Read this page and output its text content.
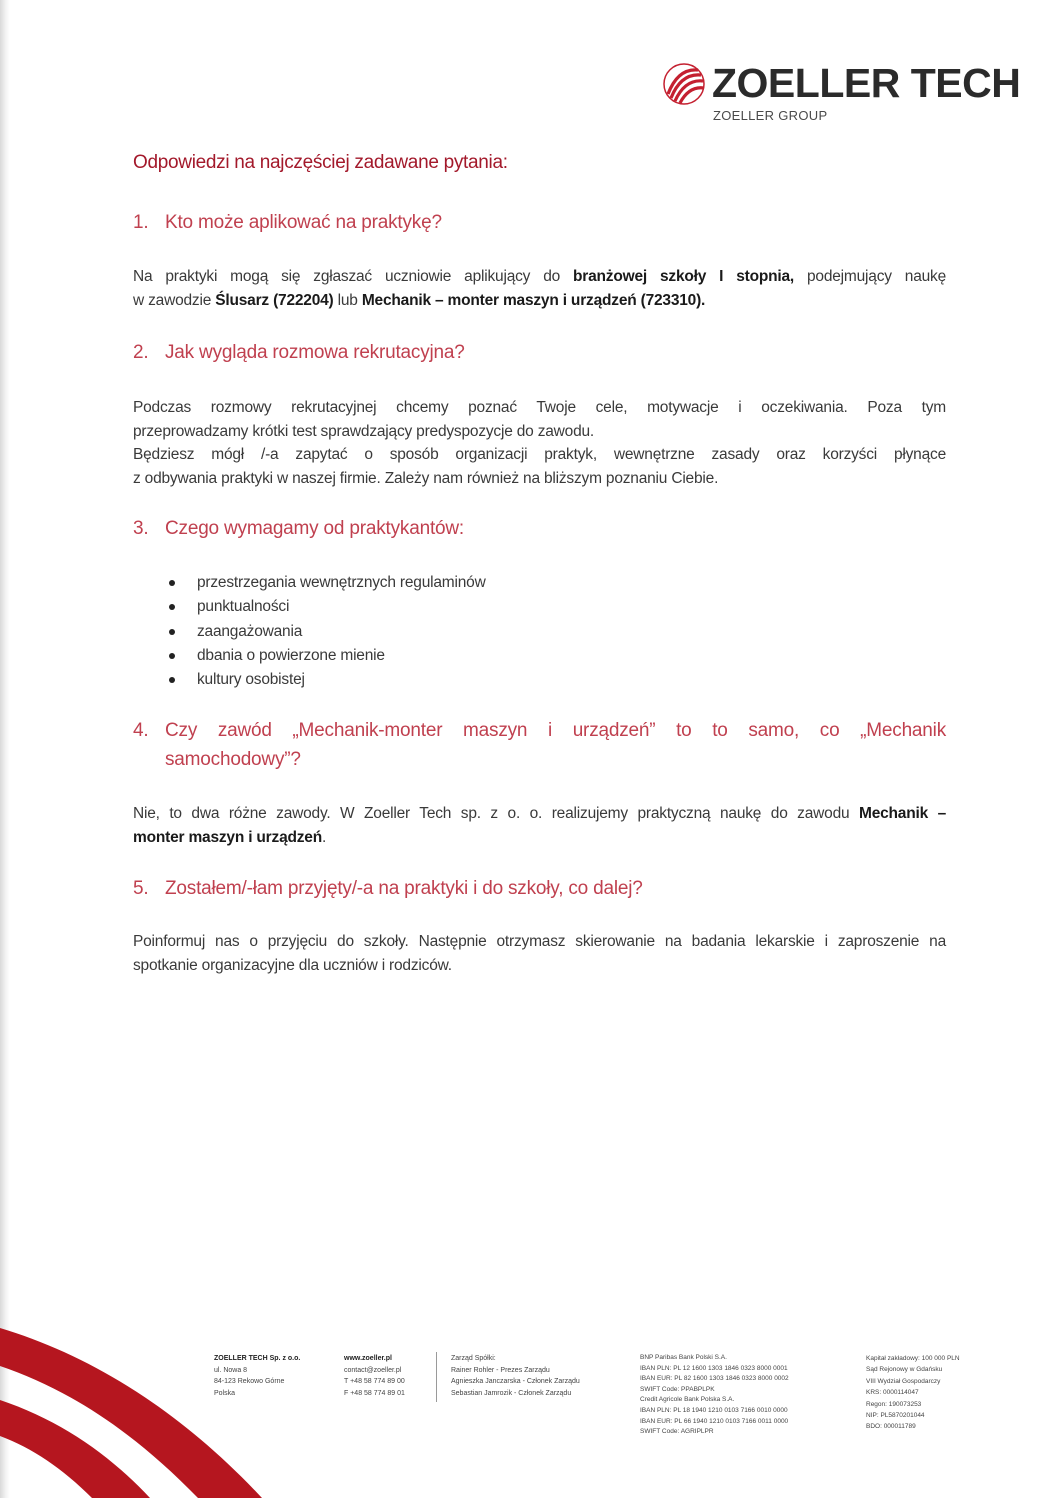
ZOELLER TECH
ZOELLER GROUP
Odpowiedzi na najczęściej zadawane pytania:
1. Kto może aplikować na praktykę?
Na praktyki mogą się zgłaszać uczniowie aplikujący do branżowej szkoły I stopnia, podejmujący naukę
w zawodzie Ślusarz (722204) lub Mechanik – monter maszyn i urządzeń (723310).
2. Jak wygląda rozmowa rekrutacyjna?
Podczas rozmowy rekrutacyjnej chcemy poznać Twoje cele, motywacje i oczekiwania. Poza tym
przeprowadzamy krótki test sprawdzający predyspozycje do zawodu.
Będziesz mógł /-a zapytać o sposób organizacji praktyk, wewnętrzne zasady oraz korzyści płynące
z odbywania praktyki w naszej firmie. Zależy nam również na bliższym poznaniu Ciebie.
3. Czego wymagamy od praktykantów:
przestrzegania wewnętrznych regulaminów
punktualności
zaangażowania
dbania o powierzone mienie
kultury osobistej
4. Czy zawód „Mechanik-monter maszyn i urządzeń” to to samo, co „Mechanik
samochodowy”?
Nie, to dwa różne zawody. W Zoeller Tech sp. z o. o. realizujemy praktyczną naukę do zawodu Mechanik –
monter maszyn i urządzeń.
5. Zostałem/-łam przyjęty/-a na praktyki i do szkoły, co dalej?
Poinformuj nas o przyjęciu do szkoły. Następnie otrzymasz skierowanie na badania lekarskie i zaproszenie na
spotkanie organizacyjne dla uczniów i rodziców.
ZOELLER TECH Sp. z o.o.
ul. Nowa 8
84-123 Rekowo Górne
Polska
www.zoeller.pl
contact@zoeller.pl
T +48 58 774 89 00
F +48 58 774 89 01
Zarząd Spółki:
Rainer Rohler - Prezes Zarządu
Agnieszka Janczarska - Członek Zarządu
Sebastian Jamrozik - Członek Zarządu
BNP Paribas Bank Polski S.A.
IBAN PLN: PL 12 1600 1303 1846 0323 8000 0001
IBAN EUR: PL 82 1600 1303 1846 0323 8000 0002
SWIFT Code: PPABPLPK
Credit Agricole Bank Polska S.A.
IBAN PLN: PL 18 1940 1210 0103 7166 0010 0000
IBAN EUR: PL 66 1940 1210 0103 7166 0011 0000
SWIFT Code: AGRIPLPR
Kapitał zakładowy: 100 000 PLN
Sąd Rejonowy w Gdańsku
VIII Wydział Gospodarczy
KRS: 0000114047
Regon: 190073253
NIP: PL5870201044
BDO: 000011789
